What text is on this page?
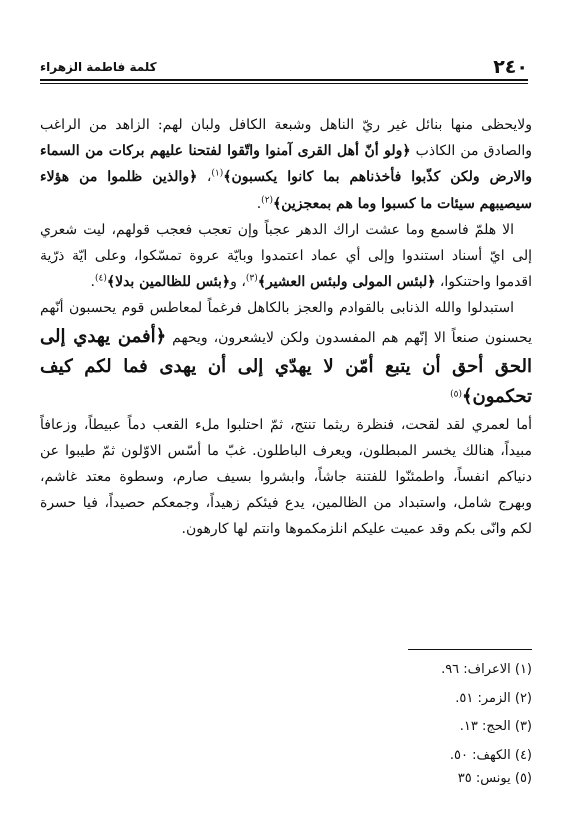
٢٤٠
كلمة فاطمة الزهراء

ولايحظى منها بنائل غير ريّ الناهل وشبعة الكافل ولبان لهم: الزاهد من الراغب والصادق من الكاذب ﴿ولو أنّ أهل القرى آمنوا واتّقوا لفتحنا عليهم بركات من السماء والارض ولكن كذّبوا فأخذناهم بما كانوا يكسبون﴾$^{(١)}$، ﴿والذين ظلموا من هؤلاء سيصيبهم سيئات ما كسبوا وما هم بمعجزين﴾$^{(٢)}$.

الا هلمّ فاسمع وما عشت اراك الدهر عجباً وإن تعجب فعجب قولهم، ليت شعري إلى ايّ أسناد استندوا وإلى أي عماد اعتمدوا وبايّة عروة تمسّكوا، وعلى ايّة ذرّية اقدموا واحتنكوا، ﴿لبئس المولى ولبئس العشير﴾$^{(٣)}$، و﴿بئس للظالمين بدلا﴾$^{(٤)}$.

استبدلوا والله الذنابى بالقوادم والعجز بالكاهل فرغماً لمعاطس قوم يحسبون أنّهم يحسنون صنعاً الا إنّهم هم المفسدون ولكن لايشعرون، ويحهم ﴿أفمن يهدي إلى الحق أحق أن يتبع أمّن لا يهدّي إلى أن يهدى فما لكم كيف تحكمون﴾$^{(٥)}$

أما لعمري لقد لقحت، فنظرة ريثما تنتج، ثمّ احتلبوا ملء القعب دماً عبيطاً، وزعافاً مبيداً، هنالك يخسر المبطلون، ويعرف الباطلون. غبّ ما أسّس الاوّلون ثمّ طيبوا عن دنياكم انفساً، واطمئنّوا للفتنة جاشاً، وابشروا بسيف صارم، وسطوة معتد غاشم، وبهرج شامل، واستبداد من الظالمين، يدع فيئكم زهيداً، وجمعكم حصيداً، فيا حسرة لكم وانّى بكم وقد عميت عليكم انلزمكموها وانتم لها كارهون.

(١) الاعراف: ٩٦.
(٢) الزمر: ٥١.
(٣) الحج: ١٣.
(٤) الكهف: ٥٠.
(٥) يونس: ٣٥
